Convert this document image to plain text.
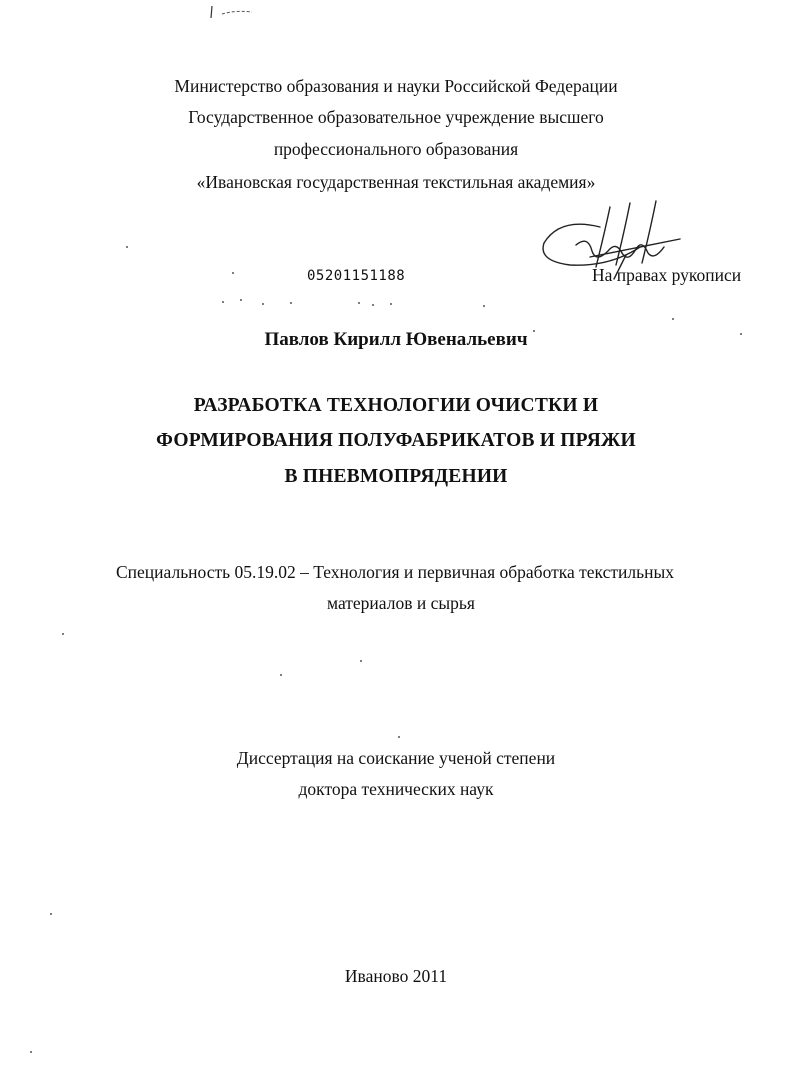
Министерство образования и науки Российской Федерации
Государственное образовательное учреждение высшего
профессионального образования
«Ивановская государственная текстильная академия»
05201151188	На правах рукописи
Павлов Кирилл Ювенальевич
РАЗРАБОТКА ТЕХНОЛОГИИ ОЧИСТКИ И
ФОРМИРОВАНИЯ ПОЛУФАБРИКАТОВ И ПРЯЖИ
В ПНЕВМОПРЯДЕНИИ
Специальность 05.19.02 – Технология и первичная обработка текстильных
материалов и сырья
Диссертация на соискание ученой степени
доктора технических наук
Иваново 2011
